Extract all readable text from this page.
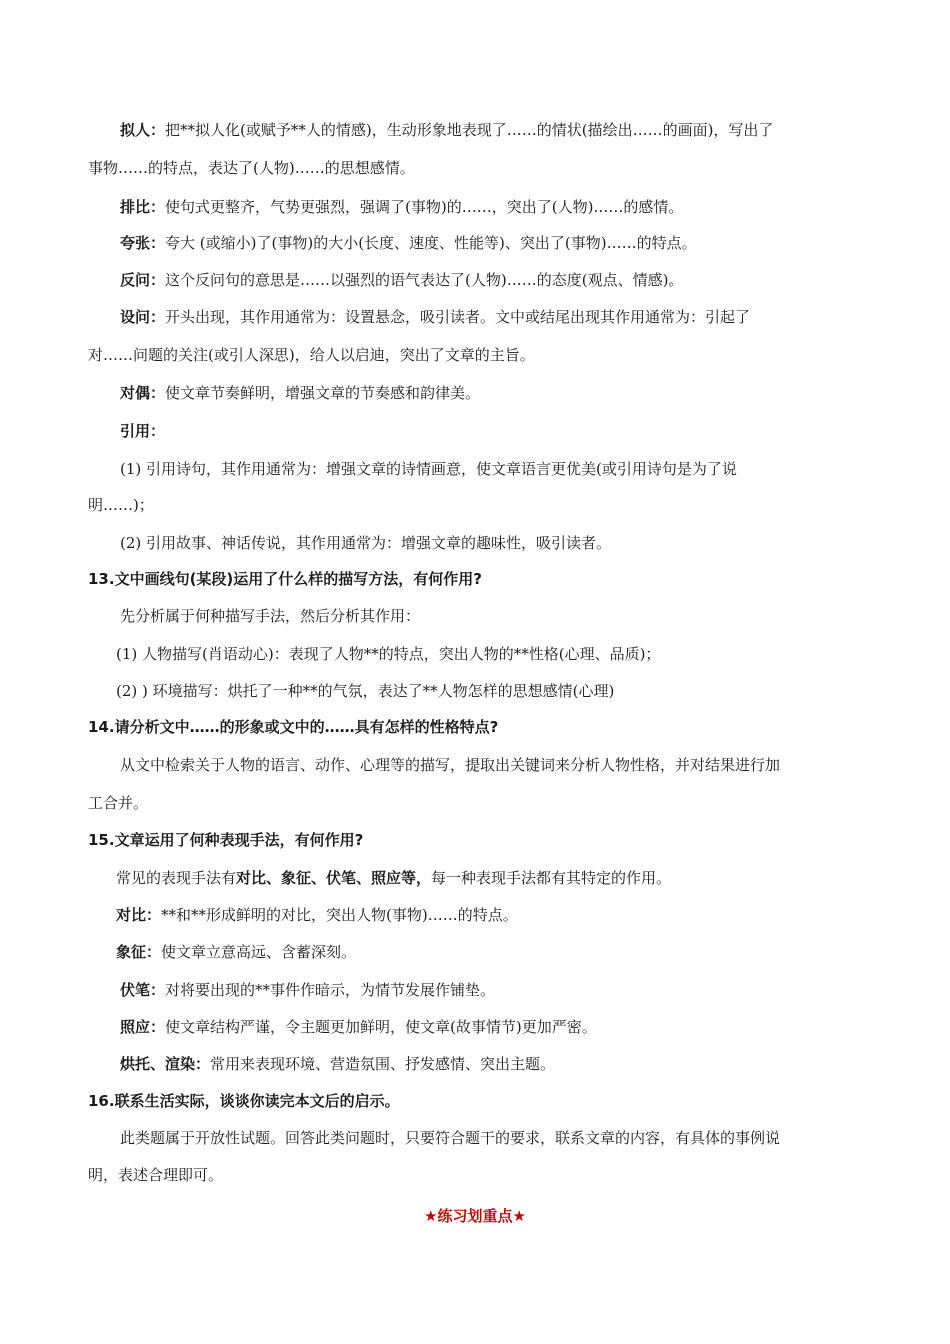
拟人：把**拟人化(或赋予**人的情感)，生动形象地表现了……的情状(描绘出……的画面)，写出了
事物……的特点，表达了(人物)……的思想感情。
排比：使句式更整齐，气势更强烈，强调了(事物)的……，突出了(人物)……的感情。
夸张：夸大 (或缩小)了(事物)的大小(长度、速度、性能等)、突出了(事物)……的特点。
反问：这个反问句的意思是……以强烈的语气表达了(人物)……的态度(观点、情感)。
设问：开头出现，其作用通常为：设置悬念，吸引读者。文中或结尾出现其作用通常为：引起了
对……问题的关注(或引人深思)，给人以启迪，突出了文章的主旨。
对偶：使文章节奏鲜明，增强文章的节奏感和韵律美。
引用：
(1) 引用诗句，其作用通常为：增强文章的诗情画意，使文章语言更优美(或引用诗句是为了说
明……)；
(2) 引用故事、神话传说，其作用通常为：增强文章的趣味性，吸引读者。
13.文中画线句(某段)运用了什么样的描写方法，有何作用?
先分析属于何种描写手法，然后分析其作用：
(1) 人物描写(肖语动心)：表现了人物**的特点，突出人物的**性格(心理、品质)；
(2) ) 环境描写：烘托了一种**的气氛，表达了**人物怎样的思想感情(心理)
14.请分析文中……的形象或文中的……具有怎样的性格特点?
从文中检索关于人物的语言、动作、心理等的描写，提取出关键词来分析人物性格，并对结果进行加
工合并。
15.文章运用了何种表现手法，有何作用?
常见的表现手法有对比、象征、伏笔、照应等，每一种表现手法都有其特定的作用。
对比：**和**形成鲜明的对比，突出人物(事物)……的特点。
象征：使文章立意高远、含蓄深刻。
伏笔：对将要出现的**事件作暗示，为情节发展作铺垫。
照应：使文章结构严谨，令主题更加鲜明，使文章(故事情节)更加严密。
烘托、渲染：常用来表现环境、营造氛围、抒发感情、突出主题。
16.联系生活实际，谈谈你读完本文后的启示。
此类题属于开放性试题。回答此类问题时，只要符合题干的要求，联系文章的内容，有具体的事例说
明，表述合理即可。
★练习划重点★
